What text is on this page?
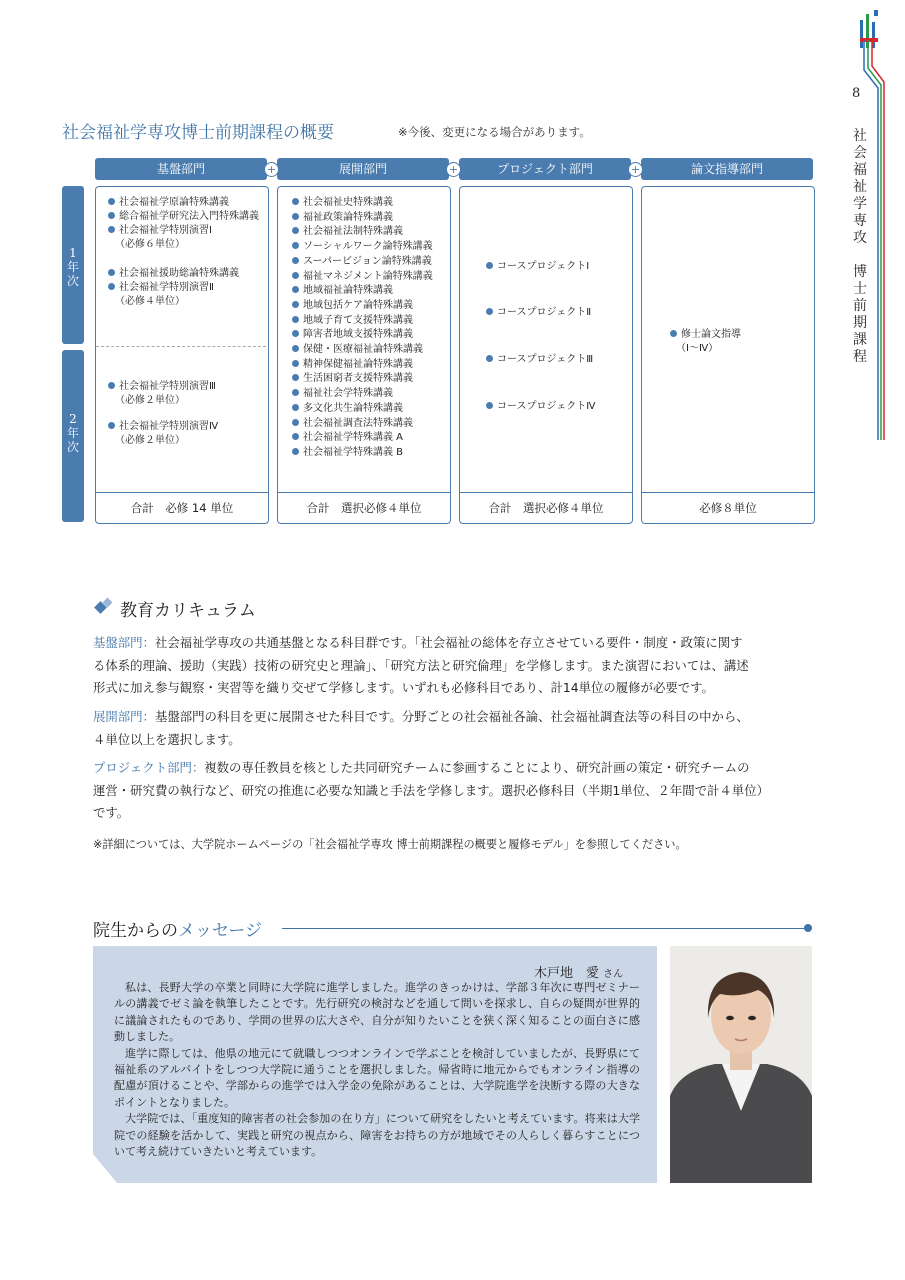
8
社
会
福
祉
学
専
攻

博
士
前
期
課
程
社会福祉学専攻博士前期課程の概要	※今後、変更になる場合があります。
基盤部門	展開部門	プロジェクト部門	論文指導部門
+	+	+
1
年
次
2
年
次
合計　必修 14 単位
社会福祉学原論特殊講義
総合福祉学研究法入門特殊講義
社会福祉学特別演習Ⅰ
（必修６単位）
社会福祉援助総論特殊講義
社会福祉学特別演習Ⅱ
（必修４単位）
社会福祉学特別演習Ⅲ
（必修２単位）
社会福祉学特別演習Ⅳ
（必修２単位）
合計　選択必修４単位
社会福祉史特殊講義
福祉政策論特殊講義
社会福祉法制特殊講義
ソーシャルワーク論特殊講義
スーパービジョン論特殊講義
福祉マネジメント論特殊講義
地域福祉論特殊講義
地域包括ケア論特殊講義
地域子育て支援特殊講義
障害者地域支援特殊講義
保健・医療福祉論特殊講義
精神保健福祉論特殊講義
生活困窮者支援特殊講義
福祉社会学特殊講義
多文化共生論特殊講義
社会福祉調査法特殊講義
社会福祉学特殊講義 A
社会福祉学特殊講義 B
合計　選択必修４単位
コースプロジェクトⅠ
コースプロジェクトⅡ
コースプロジェクトⅢ
コースプロジェクトⅣ
必修８単位
修士論文指導
（Ⅰ〜Ⅳ）
教育カリキュラム
基盤部門：社会福祉学専攻の共通基盤となる科目群です。「社会福祉の総体を存立させている要件・制度・政策に関す
る体系的理論、援助（実践）技術の研究史と理論」、「研究方法と研究倫理」を学修します。また演習においては、講述
形式に加え参与観察・実習等を織り交ぜて学修します。いずれも必修科目であり、計14単位の履修が必要です。
展開部門：基盤部門の科目を更に展開させた科目です。分野ごとの社会福祉各論、社会福祉調査法等の科目の中から、
４単位以上を選択します。
プロジェクト部門：複数の専任教員を核とした共同研究チームに参画することにより、研究計画の策定・研究チームの
運営・研究費の執行など、研究の推進に必要な知識と手法を学修します。選択必修科目（半期1単位、２年間で計４単位）
です。
※詳細については、大学院ホームページの「社会福祉学専攻 博士前期課程の概要と履修モデル」を参照してください。
院生からのメッセージ
木戸地　愛 さん

私は、長野大学の卒業と同時に大学院に進学しました。進学のきっかけは、学部３年次に専門ゼミナールの講義でゼミ論を執筆したことです。先行研究の検討などを通して問いを探求し、自らの疑問が世界的に議論されたものであり、学問の世界の広大さや、自分が知りたいことを狭く深く知ることの面白さに感動しました。

進学に際しては、他県の地元にて就職しつつオンラインで学ぶことを検討していましたが、長野県にて福祉系のアルバイトをしつつ大学院に通うことを選択しました。帰省時に地元からでもオンライン指導の配慮が頂けることや、学部からの進学では入学金の免除があることは、大学院進学を決断する際の大きなポイントとなりました。

大学院では、「重度知的障害者の社会参加の在り方」について研究をしたいと考えています。将来は大学院での経験を活かして、実践と研究の視点から、障害をお持ちの方が地域でその人らしく暮らすことについて考え続けていきたいと考えています。
